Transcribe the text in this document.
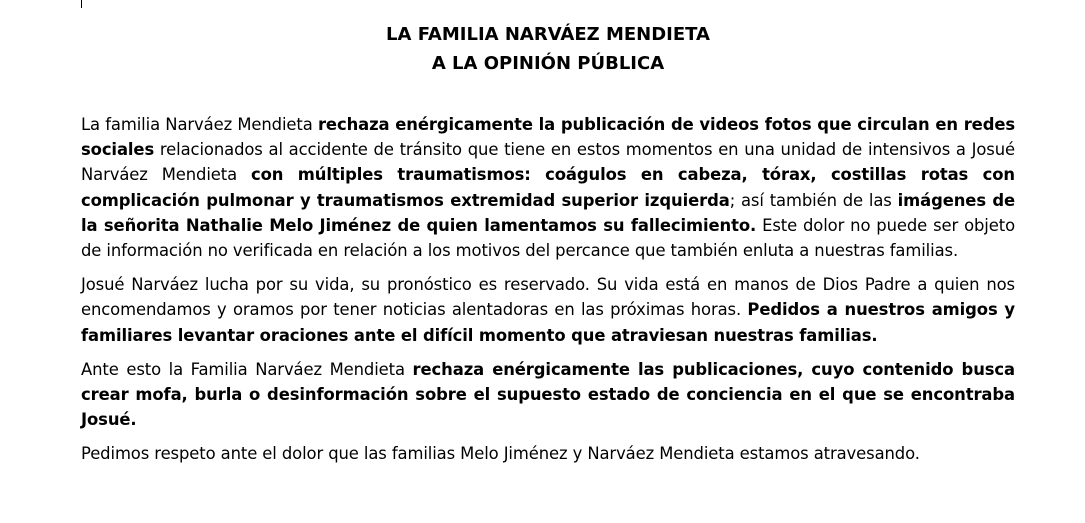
LA FAMILIA NARVÁEZ MENDIETA

A LA OPINIÓN PÚBLICA

La familia Narváez Mendieta rechaza enérgicamente la publicación de videos fotos que circulan en redes sociales relacionados al accidente de tránsito que tiene en estos momentos en una unidad de intensivos a Josué Narváez Mendieta con múltiples traumatismos: coágulos en cabeza, tórax, costillas rotas con complicación pulmonar y traumatismos extremidad superior izquierda; así también de las imágenes de la señorita Nathalie Melo Jiménez de quien lamentamos su fallecimiento. Este dolor no puede ser objeto de información no verificada en relación a los motivos del percance que también enluta a nuestras familias.

Josué Narváez lucha por su vida, su pronóstico es reservado. Su vida está en manos de Dios Padre a quien nos encomendamos y oramos por tener noticias alentadoras en las próximas horas. Pedidos a nuestros amigos y familiares levantar oraciones ante el difícil momento que atraviesan nuestras familias.

Ante esto la Familia Narváez Mendieta rechaza enérgicamente las publicaciones, cuyo contenido busca crear mofa, burla o desinformación sobre el supuesto estado de conciencia en el que se encontraba Josué.

Pedimos respeto ante el dolor que las familias Melo Jiménez y Narváez Mendieta estamos atravesando.
